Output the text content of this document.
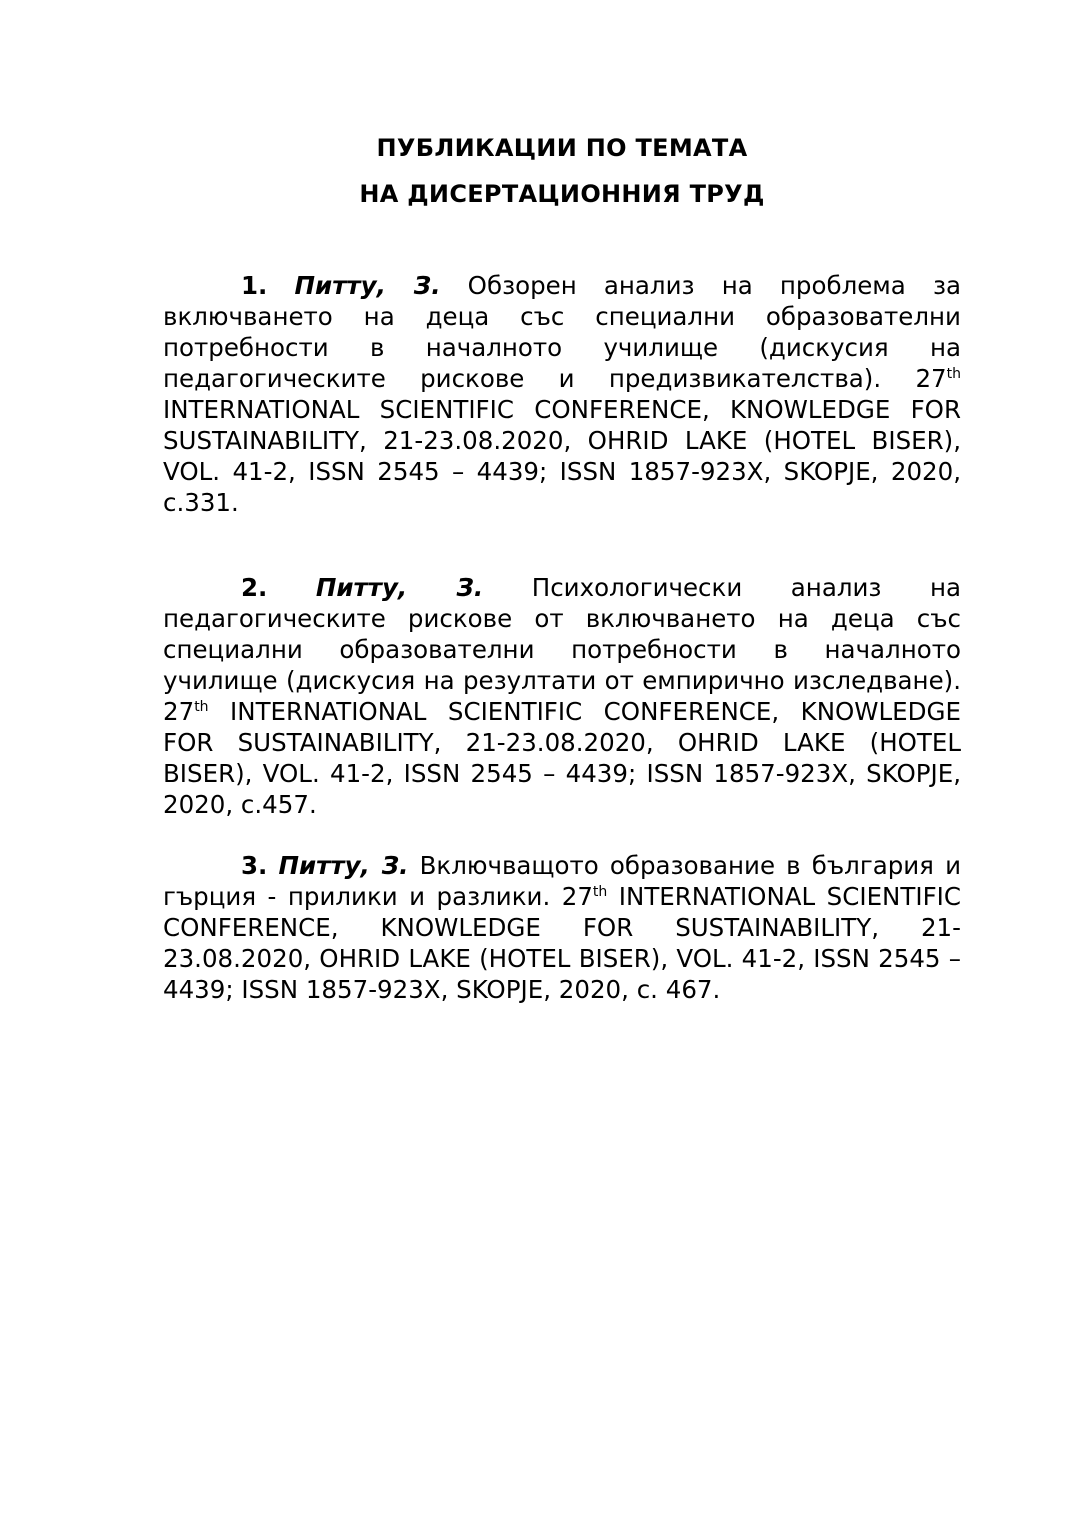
ПУБЛИКАЦИИ ПО ТЕМАТА
НА ДИСЕРТАЦИОННИЯ ТРУД
1. Питту, З. Обзорен анализ на проблема за включването на деца със специални образователни потребности в началното училище (дискусия на педагогическите рискове и предизвикателства). 27th INTERNATIONAL SCIENTIFIC CONFERENCE, KNOWLEDGE FOR SUSTAINABILITY, 21-23.08.2020, OHRID LAKE (HOTEL BISER), VOL. 41-2, ISSN 2545 – 4439; ISSN 1857-923X, SKOPJE, 2020, с.331.
2. Питту, З. Психологически анализ на педагогическите рискове от включването на деца със специални образователни потребности в началното училище (дискусия на резултати от емпирично изследване). 27th INTERNATIONAL SCIENTIFIC CONFERENCE, KNOWLEDGE FOR SUSTAINABILITY, 21-23.08.2020, OHRID LAKE (HOTEL BISER), VOL. 41-2, ISSN 2545 – 4439; ISSN 1857-923X, SKOPJE, 2020, с.457.
3. Питту, З. Включващото образование в българия и гърция - прилики и разлики. 27th INTERNATIONAL SCIENTIFIC CONFERENCE, KNOWLEDGE FOR SUSTAINABILITY, 21-23.08.2020, OHRID LAKE (HOTEL BISER), VOL. 41-2, ISSN 2545 – 4439; ISSN 1857-923X, SKOPJE, 2020, с. 467.
